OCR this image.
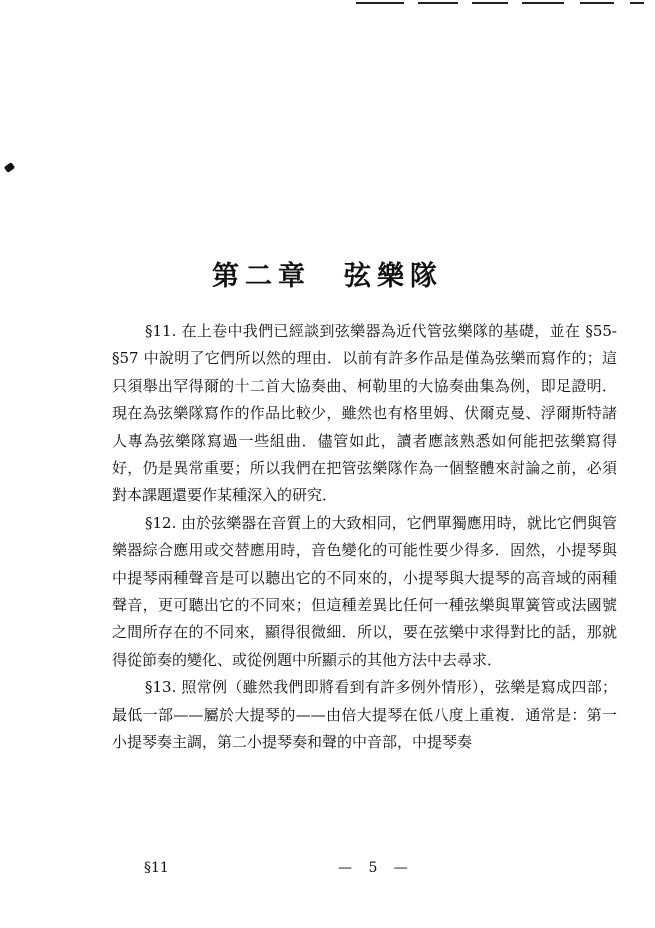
第二章　弦樂隊

§11. 在上卷中我們已經談到弦樂器為近代管弦樂隊的基礎，並在 §55-§57 中說明了它們所以然的理由．以前有許多作品是僅為弦樂而寫作的；這只須舉出罕得爾的十二首大協奏曲、柯勒里的大協奏曲集為例，即足證明．現在為弦樂隊寫作的作品比較少，雖然也有格里姆、伏爾克曼、浮爾斯特諸人專為弦樂隊寫過一些組曲．儘管如此，讀者應該熟悉如何能把弦樂寫得好，仍是異常重要；所以我們在把管弦樂隊作為一個整體來討論之前，必須對本課題還要作某種深入的研究．

§12. 由於弦樂器在音質上的大致相同，它們單獨應用時，就比它們與管樂器綜合應用或交替應用時，音色變化的可能性要少得多．固然，小提琴與中提琴兩種聲音是可以聽出它的不同來的，小提琴與大提琴的高音域的兩種聲音，更可聽出它的不同來；但這種差異比任何一種弦樂與單簧管或法國號之間所存在的不同來，顯得很微細．所以，要在弦樂中求得對比的話，那就得從節奏的變化、或從例題中所顯示的其他方法中去尋求．

§13. 照常例（雖然我們即將看到有許多例外情形），弦樂是寫成四部；最低一部——屬於大提琴的——由倍大提琴在低八度上重複．通常是：第一小提琴奏主調，第二小提琴奏和聲的中音部，中提琴奏

§11	— 5 —
